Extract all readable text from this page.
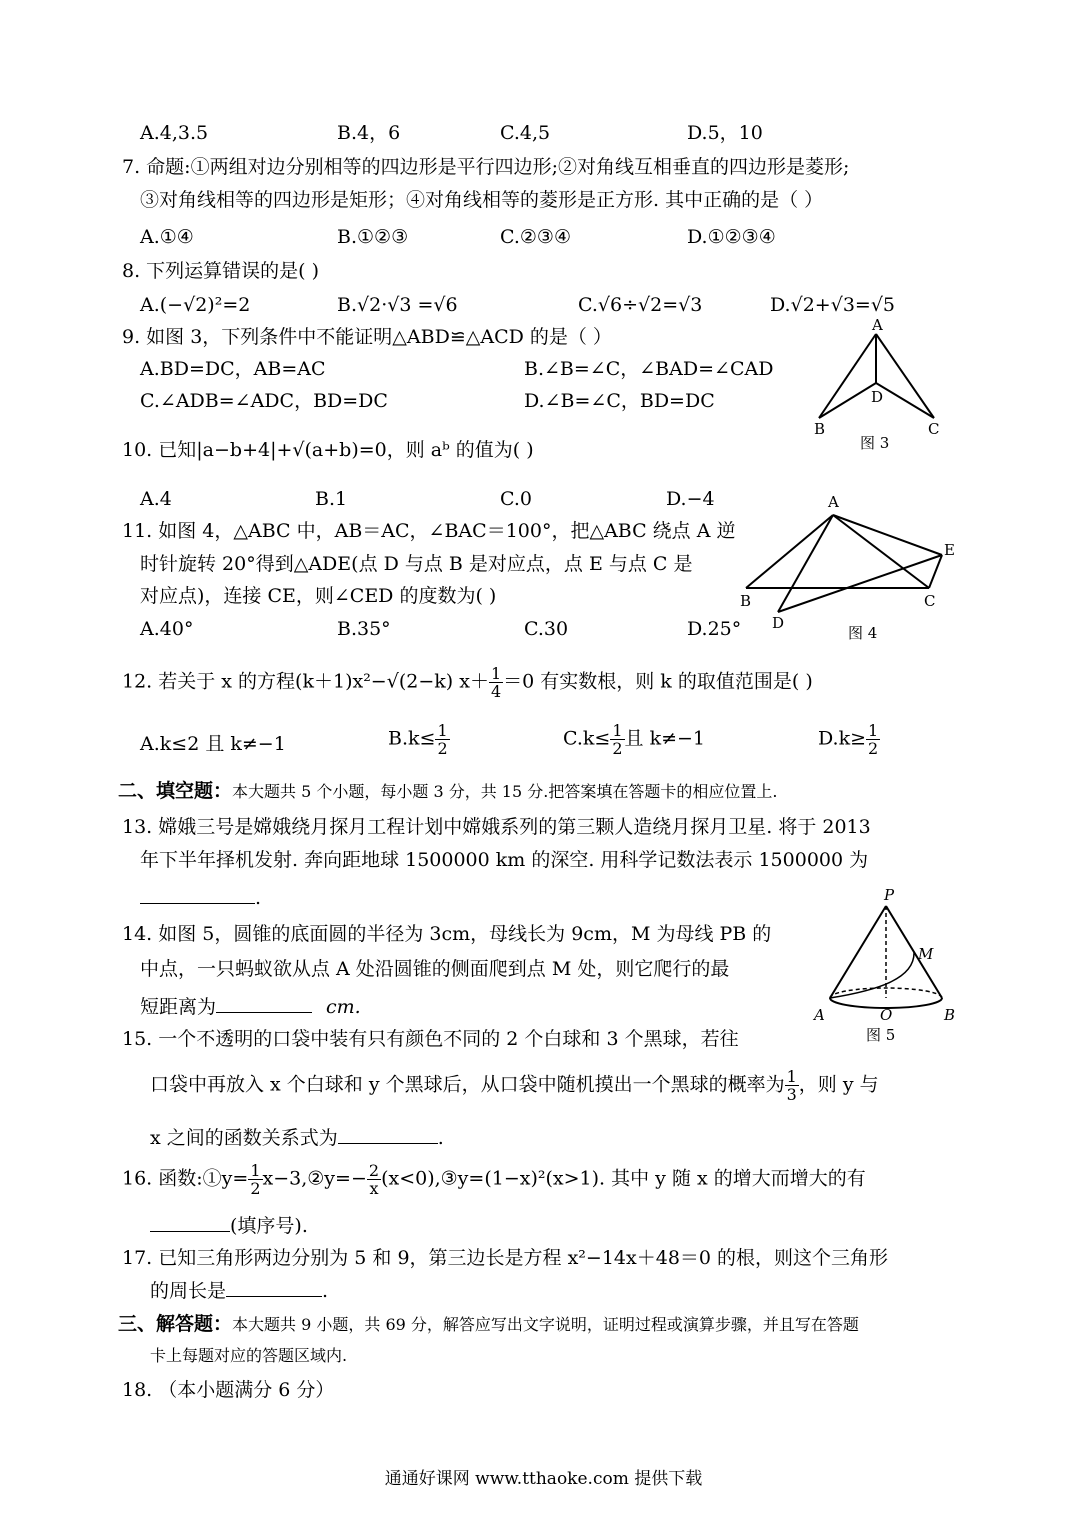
A.4,3.5	B.4，6	C.4,5	D.5，10
7. 命题:①两组对边分别相等的四边形是平行四边形;②对角线互相垂直的四边形是菱形;
③对角线相等的四边形是矩形；④对角线相等的菱形是正方形. 其中正确的是（ ）
A.①④	B.①②③	C.②③④	D.①②③④
8. 下列运算错误的是( )
A.(−√2)²=2	B.√2·√3 =√6	C.√6÷√2=√3	D.√2+√3=√5
9. 如图 3，下列条件中不能证明△ABD≌△ACD 的是（ ）
A.BD=DC，AB=AC	B.∠B=∠C，∠BAD=∠CAD
C.∠ADB=∠ADC，BD=DC	D.∠B=∠C，BD=DC
A
B	C
D
图 3
10. 已知|a−b+4|+√(a+b)=0，则 aᵇ 的值为( )
A.4	B.1	C.0	D.−4
11. 如图 4，△ABC 中，AB＝AC，∠BAC＝100°，把△ABC 绕点 A 逆
时针旋转 20°得到△ADE(点 D 与点 B 是对应点，点 E 与点 C 是
对应点)，连接 CE，则∠CED 的度数为( )
A.40°	B.35°	C.30	D.25°
A
B	C
D
E
图 4
12. 若关于 x 的方程(k＋1)x²−√(2−k) $x+ \frac{1}{4} =0$ 有实数根，则 k 的取值范围是( )
A.k≤2 且 k≠−1	$B.k\le \frac{1}{2}$	$C.k\le \frac{1}{2}$ 且 k≠−1	$D.k\ge \frac{1}{2}$
二、填空题：本大题共 5 个小题，每小题 3 分，共 15 分.把答案填在答题卡的相应位置上.
13. 嫦娥三号是嫦娥绕月探月工程计划中嫦娥系列的第三颗人造绕月探月卫星. 将于 2013
年下半年择机发射. 奔向距地球 1500000 km 的深空. 用科学记数法表示 1500000 为
.
14. 如图 5，圆锥的底面圆的半径为 3cm，母线长为 9cm，M 为母线 PB 的
中点，一只蚂蚁欲从点 A 处沿圆锥的侧面爬到点 M 处，则它爬行的最
短距离为	cm.
P
M
A	O	B
图 5
15. 一个不透明的口袋中装有只有颜色不同的 2 个白球和 3 个黑球，若往
口袋中再放入 x 个白球和 y 个黑球后，从口袋中随机摸出一个黑球的概率为 $\frac{1}{3}$ ，则 y 与
x 之间的函数关系式为	.
16. 函数:①y= $\frac{1}{2}$ x−3,②y=− $\frac{2}{x}$ (x<0),③y=(1−x)²(x>1). 其中 y 随 x 的增大而增大的有
(填序号).
17. 已知三角形两边分别为 5 和 9，第三边长是方程 x²−14x＋48＝0 的根，则这个三角形
的周长是	.
三、解答题：本大题共 9 小题，共 69 分，解答应写出文字说明，证明过程或演算步骤，并且写在答题
卡上每题对应的答题区域内.
18. （本小题满分 6 分）
通通好课网 www.tthaoke.com 提供下载
